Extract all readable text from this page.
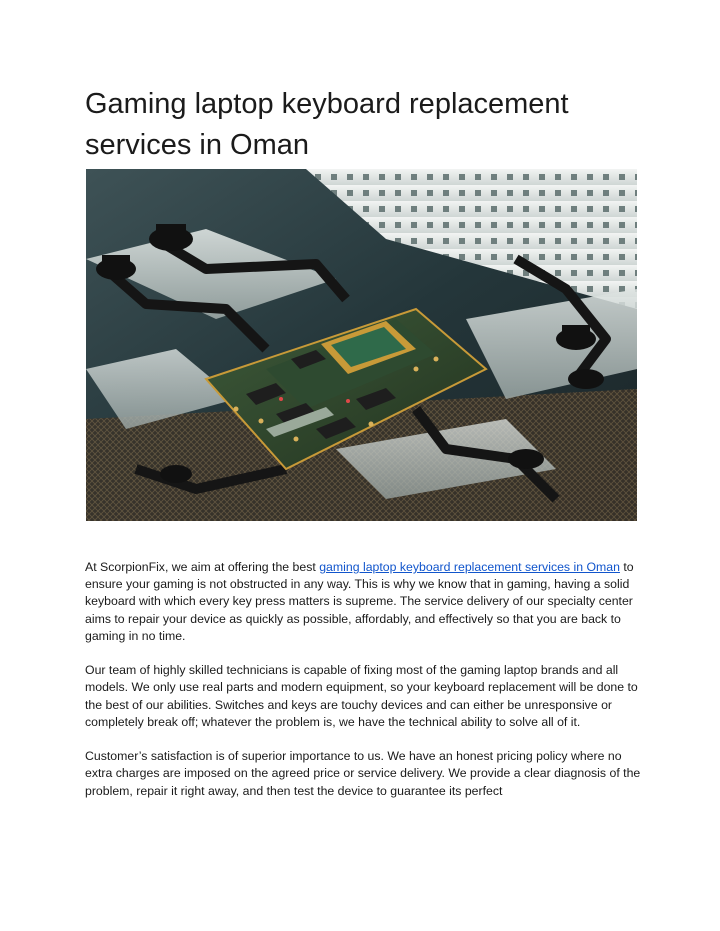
Gaming laptop keyboard replacement services in Oman

At ScorpionFix, we aim at offering the best gaming laptop keyboard replacement services in Oman to ensure your gaming is not obstructed in any way. This is why we know that in gaming, having a solid keyboard with which every key press matters is supreme. The service delivery of our specialty center aims to repair your device as quickly as possible, affordably, and effectively so that you are back to gaming in no time.

Our team of highly skilled technicians is capable of fixing most of the gaming laptop brands and all models. We only use real parts and modern equipment, so your keyboard replacement will be done to the best of our abilities. Switches and keys are touchy devices and can either be unresponsive or completely break off; whatever the problem is, we have the technical ability to solve all of it.

Customer’s satisfaction is of superior importance to us. We have an honest pricing policy where no extra charges are imposed on the agreed price or service delivery. We provide a clear diagnosis of the problem, repair it right away, and then test the device to guarantee its perfect
